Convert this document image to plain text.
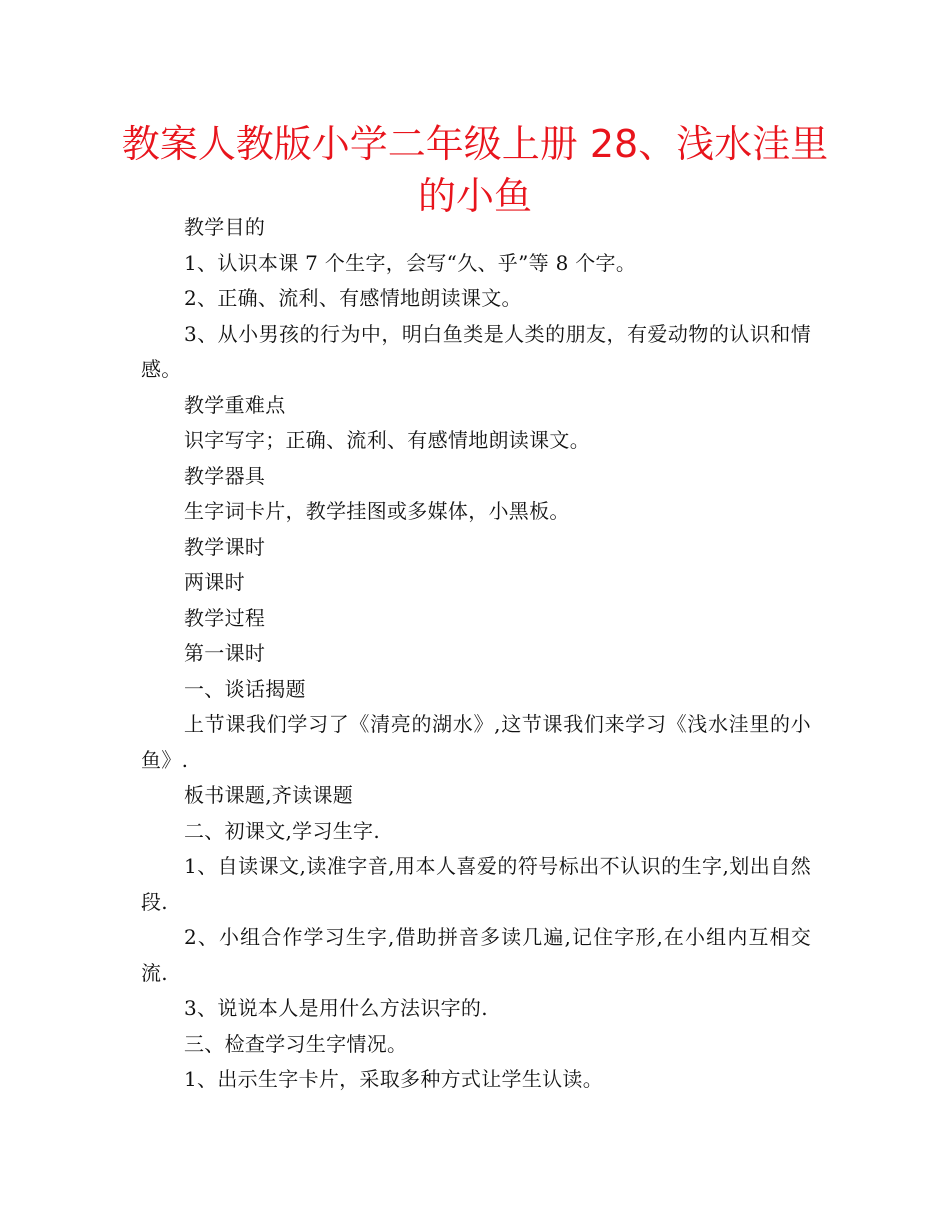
教案人教版小学二年级上册 28、浅水洼里的小鱼

教学目的

1、认识本课 7 个生字，会写“久、乎”等 8 个字。

2、正确、流利、有感情地朗读课文。

3、从小男孩的行为中，明白鱼类是人类的朋友，有爱动物的认识和情感。

教学重难点

识字写字；正确、流利、有感情地朗读课文。

教学器具

生字词卡片，教学挂图或多媒体，小黑板。

教学课时

两课时

教学过程

第一课时

一、谈话揭题

上节课我们学习了《清亮的湖水》,这节课我们来学习《浅水洼里的小鱼》.

板书课题,齐读课题

二、初课文,学习生字.

1、自读课文,读准字音,用本人喜爱的符号标出不认识的生字,划出自然段.

2、小组合作学习生字,借助拼音多读几遍,记住字形,在小组内互相交流.

3、说说本人是用什么方法识字的.

三、检查学习生字情况。

1、出示生字卡片，采取多种方式让学生认读。
